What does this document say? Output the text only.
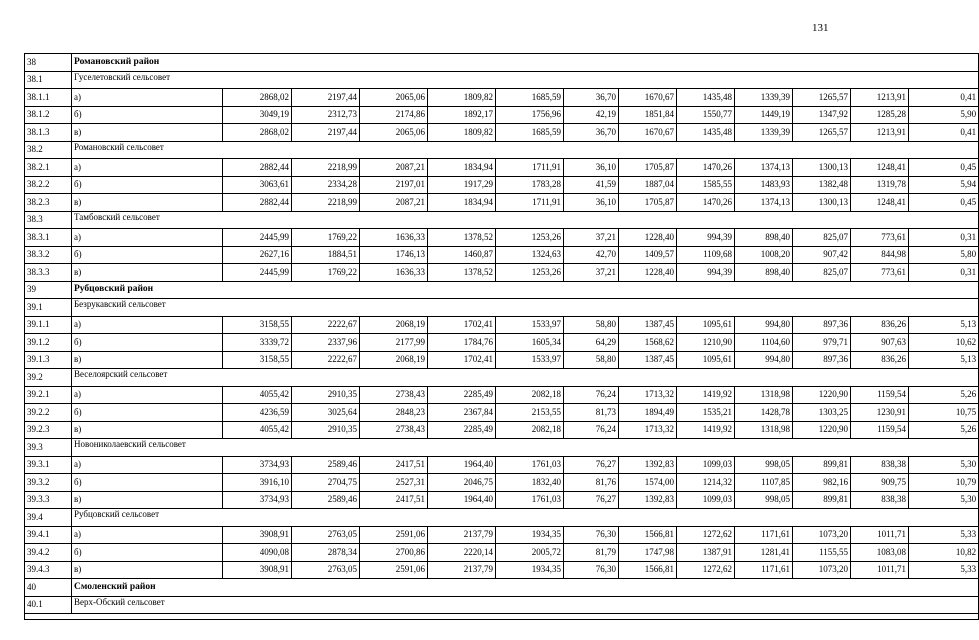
131
38	Романовский район												
38.1	Гуселетовский сельсовет												
38.1.1	а)	2868,02	2197,44	2065,06	1809,82	1685,59	36,70	1670,67	1435,48	1339,39	1265,57	1213,91	0,41
38.1.2	б)	3049,19	2312,73	2174,86	1892,17	1756,96	42,19	1851,84	1550,77	1449,19	1347,92	1285,28	5,90
38.1.3	в)	2868,02	2197,44	2065,06	1809,82	1685,59	36,70	1670,67	1435,48	1339,39	1265,57	1213,91	0,41
38.2	Романовский сельсовет												
38.2.1	а)	2882,44	2218,99	2087,21	1834,94	1711,91	36,10	1705,87	1470,26	1374,13	1300,13	1248,41	0,45
38.2.2	б)	3063,61	2334,28	2197,01	1917,29	1783,28	41,59	1887,04	1585,55	1483,93	1382,48	1319,78	5,94
38.2.3	в)	2882,44	2218,99	2087,21	1834,94	1711,91	36,10	1705,87	1470,26	1374,13	1300,13	1248,41	0,45
38.3	Тамбовский сельсовет												
38.3.1	а)	2445,99	1769,22	1636,33	1378,52	1253,26	37,21	1228,40	994,39	898,40	825,07	773,61	0,31
38.3.2	б)	2627,16	1884,51	1746,13	1460,87	1324,63	42,70	1409,57	1109,68	1008,20	907,42	844,98	5,80
38.3.3	в)	2445,99	1769,22	1636,33	1378,52	1253,26	37,21	1228,40	994,39	898,40	825,07	773,61	0,31
39	Рубцовский район												
39.1	Безрукавский сельсовет												
39.1.1	а)	3158,55	2222,67	2068,19	1702,41	1533,97	58,80	1387,45	1095,61	994,80	897,36	836,26	5,13
39.1.2	б)	3339,72	2337,96	2177,99	1784,76	1605,34	64,29	1568,62	1210,90	1104,60	979,71	907,63	10,62
39.1.3	в)	3158,55	2222,67	2068,19	1702,41	1533,97	58,80	1387,45	1095,61	994,80	897,36	836,26	5,13
39.2	Веселоярский сельсовет												
39.2.1	а)	4055,42	2910,35	2738,43	2285,49	2082,18	76,24	1713,32	1419,92	1318,98	1220,90	1159,54	5,26
39.2.2	б)	4236,59	3025,64	2848,23	2367,84	2153,55	81,73	1894,49	1535,21	1428,78	1303,25	1230,91	10,75
39.2.3	в)	4055,42	2910,35	2738,43	2285,49	2082,18	76,24	1713,32	1419,92	1318,98	1220,90	1159,54	5,26
39.3	Новониколаевский сельсовет												
39.3.1	а)	3734,93	2589,46	2417,51	1964,40	1761,03	76,27	1392,83	1099,03	998,05	899,81	838,38	5,30
39.3.2	б)	3916,10	2704,75	2527,31	2046,75	1832,40	81,76	1574,00	1214,32	1107,85	982,16	909,75	10,79
39.3.3	в)	3734,93	2589,46	2417,51	1964,40	1761,03	76,27	1392,83	1099,03	998,05	899,81	838,38	5,30
39.4	Рубцовский сельсовет												
39.4.1	а)	3908,91	2763,05	2591,06	2137,79	1934,35	76,30	1566,81	1272,62	1171,61	1073,20	1011,71	5,33
39.4.2	б)	4090,08	2878,34	2700,86	2220,14	2005,72	81,79	1747,98	1387,91	1281,41	1155,55	1083,08	10,82
39.4.3	в)	3908,91	2763,05	2591,06	2137,79	1934,35	76,30	1566,81	1272,62	1171,61	1073,20	1011,71	5,33
40	Смоленский район												
40.1	Верх-Обский сельсовет												
